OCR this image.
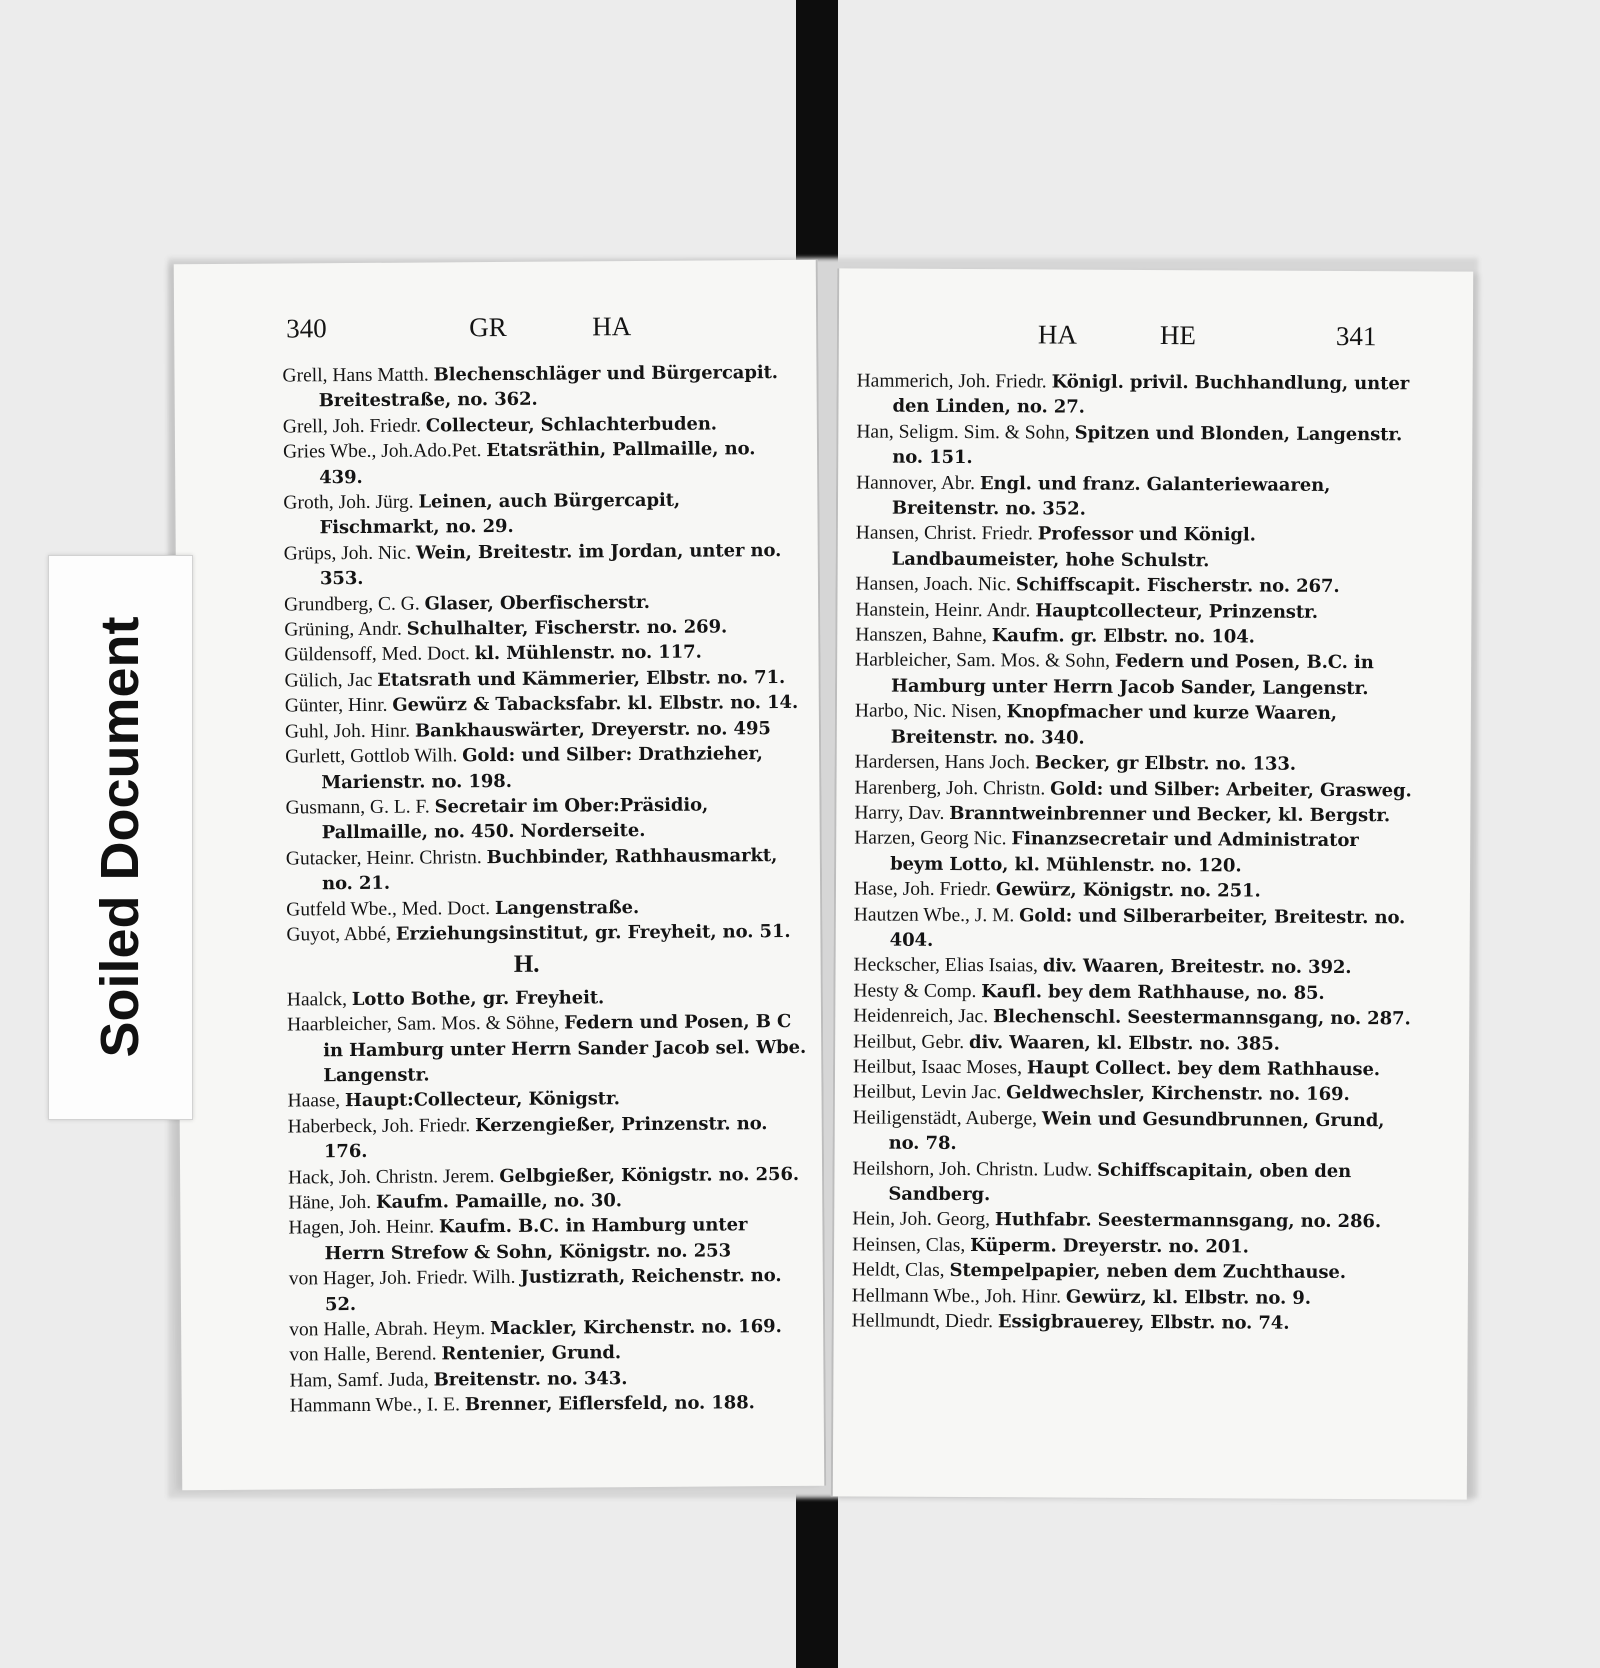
340	GR	HA
Grell, Hans Matth. Blechenschläger und Bürgercapit. Breitestraße, no. 362.
Grell, Joh. Friedr. Collecteur, Schlachterbuden.
Gries Wbe., Joh.Ado.Pet. Etatsräthin, Pallmaille, no. 439.
Groth, Joh. Jürg. Leinen, auch Bürgercapit, Fischmarkt, no. 29.
Grüps, Joh. Nic. Wein, Breitestr. im Jordan, unter no. 353.
Grundberg, C. G. Glaser, Oberfischerstr.
Grüning, Andr. Schulhalter, Fischerstr. no. 269.
Güldensoff, Med. Doct. kl. Mühlenstr. no. 117.
Gülich, Jac Etatsrath und Kämmerier, Elbstr. no. 71.
Günter, Hinr. Gewürz & Tabacksfabr. kl. Elbstr. no. 14.
Guhl, Joh. Hinr. Bankhauswärter, Dreyerstr. no. 495
Gurlett, Gottlob Wilh. Gold: und Silber: Drathzieher, Marienstr. no. 198.
Gusmann, G. L. F. Secretair im Ober:Präsidio, Pallmaille, no. 450. Norderseite.
Gutacker, Heinr. Christn. Buchbinder, Rathhausmarkt, no. 21.
Gutfeld Wbe., Med. Doct. Langenstraße.
Guyot, Abbé, Erziehungsinstitut, gr. Freyheit, no. 51.
H.
Haalck, Lotto Bothe, gr. Freyheit.
Haarbleicher, Sam. Mos. & Söhne, Federn und Posen, B C in Hamburg unter Herrn Sander Jacob sel. Wbe. Langenstr.
Haase, Haupt:Collecteur, Königstr.
Haberbeck, Joh. Friedr. Kerzengießer, Prinzenstr. no. 176.
Hack, Joh. Christn. Jerem. Gelbgießer, Königstr. no. 256.
Häne, Joh. Kaufm. Pamaille, no. 30.
Hagen, Joh. Heinr. Kaufm. B.C. in Hamburg unter Herrn Strefow & Sohn, Königstr. no. 253
von Hager, Joh. Friedr. Wilh. Justizrath, Reichenstr. no. 52.
von Halle, Abrah. Heym. Mackler, Kirchenstr. no. 169.
von Halle, Berend. Rentenier, Grund.
Ham, Samf. Juda, Breitenstr. no. 343.
Hammann Wbe., I. E. Brenner, Eiflersfeld, no. 188.
HA	HE	341
Hammerich, Joh. Friedr. Königl. privil. Buchhandlung, unter den Linden, no. 27.
Han, Seligm. Sim. & Sohn, Spitzen und Blonden, Langenstr. no. 151.
Hannover, Abr. Engl. und franz. Galanteriewaaren, Breitenstr. no. 352.
Hansen, Christ. Friedr. Professor und Königl. Landbaumeister, hohe Schulstr.
Hansen, Joach. Nic. Schiffscapit. Fischerstr. no. 267.
Hanstein, Heinr. Andr. Hauptcollecteur, Prinzenstr.
Hanszen, Bahne, Kaufm. gr. Elbstr. no. 104.
Harbleicher, Sam. Mos. & Sohn, Federn und Posen, B.C. in Hamburg unter Herrn Jacob Sander, Langenstr.
Harbo, Nic. Nisen, Knopfmacher und kurze Waaren, Breitenstr. no. 340.
Hardersen, Hans Joch. Becker, gr Elbstr. no. 133.
Harenberg, Joh. Christn. Gold: und Silber: Arbeiter, Grasweg.
Harry, Dav. Branntweinbrenner und Becker, kl. Bergstr.
Harzen, Georg Nic. Finanzsecretair und Administrator beym Lotto, kl. Mühlenstr. no. 120.
Hase, Joh. Friedr. Gewürz, Königstr. no. 251.
Hautzen Wbe., J. M. Gold: und Silberarbeiter, Breitestr. no. 404.
Heckscher, Elias Isaias, div. Waaren, Breitestr. no. 392.
Hesty & Comp. Kaufl. bey dem Rathhause, no. 85.
Heidenreich, Jac. Blechenschl. Seestermannsgang, no. 287.
Heilbut, Gebr. div. Waaren, kl. Elbstr. no. 385.
Heilbut, Isaac Moses, Haupt Collect. bey dem Rathhause.
Heilbut, Levin Jac. Geldwechsler, Kirchenstr. no. 169.
Heiligenstädt, Auberge, Wein und Gesundbrunnen, Grund, no. 78.
Heilshorn, Joh. Christn. Ludw. Schiffscapitain, oben den Sandberg.
Hein, Joh. Georg, Huthfabr. Seestermannsgang, no. 286.
Heinsen, Clas, Küperm. Dreyerstr. no. 201.
Heldt, Clas, Stempelpapier, neben dem Zuchthause.
Hellmann Wbe., Joh. Hinr. Gewürz, kl. Elbstr. no. 9.
Hellmundt, Diedr. Essigbrauerey, Elbstr. no. 74.
Soiled Document
